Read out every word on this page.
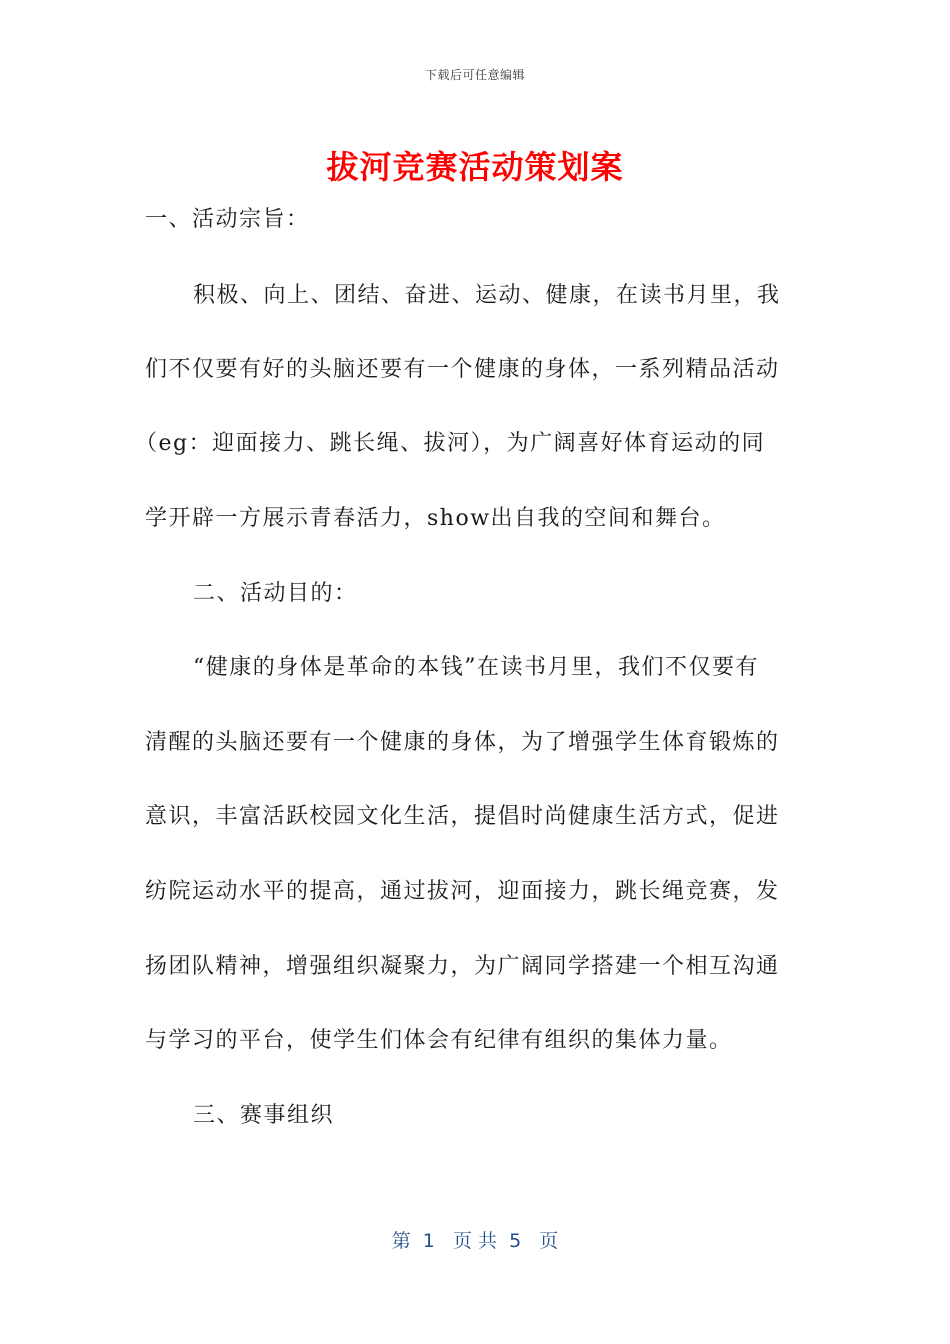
下载后可任意编辑
拔河竞赛活动策划案
一、活动宗旨：
积极、向上、团结、奋进、运动、健康，在读书月里，我
们不仅要有好的头脑还要有一个健康的身体，一系列精品活动
（eg：迎面接力、跳长绳、拔河），为广阔喜好体育运动的同
学开辟一方展示青春活力，show出自我的空间和舞台。
二、活动目的：
“健康的身体是革命的本钱”在读书月里，我们不仅要有
清醒的头脑还要有一个健康的身体，为了增强学生体育锻炼的
意识，丰富活跃校园文化生活，提倡时尚健康生活方式，促进
纺院运动水平的提高，通过拔河，迎面接力，跳长绳竞赛，发
扬团队精神，增强组织凝聚力，为广阔同学搭建一个相互沟通
与学习的平台，使学生们体会有纪律有组织的集体力量。
三、赛事组织
第  1   页 共  5   页
